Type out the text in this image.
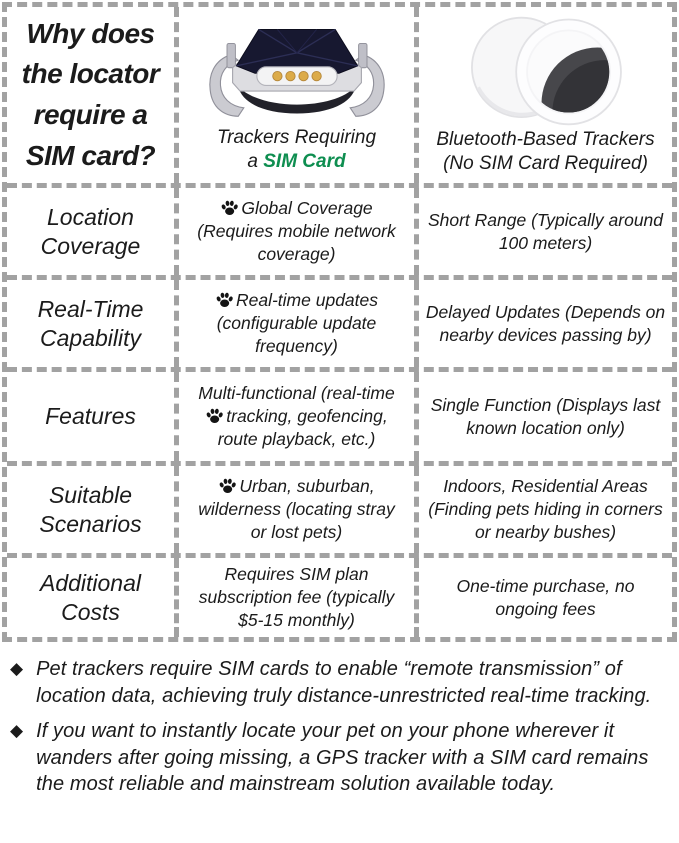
Why does the locator require a SIM card?
Trackers Requiring
a SIM Card
Bluetooth-Based Trackers (No SIM Card Required)
Location Coverage
Global Coverage (Requires mobile network coverage)
Short Range (Typically around 100 meters)
Real-Time Capability
Real-time updates (configurable update frequency)
Delayed Updates (Depends on nearby devices passing by)
Features
Multi-functional (real-time tracking, geofencing, route playback, etc.)
Single Function (Displays last known location only)
Suitable Scenarios
Urban, suburban, wilderness (locating stray or lost pets)
Indoors, Residential Areas (Finding pets hiding in corners or nearby bushes)
Additional Costs
Requires SIM plan subscription fee (typically $5-15 monthly)
One-time purchase, no ongoing fees
◆ Pet trackers require SIM cards to enable “remote transmission” of location data, achieving truly distance-unrestricted real-time tracking.
◆ If you want to instantly locate your pet on your phone wherever it wanders after going missing, a GPS tracker with a SIM card remains the most reliable and mainstream solution available today.
